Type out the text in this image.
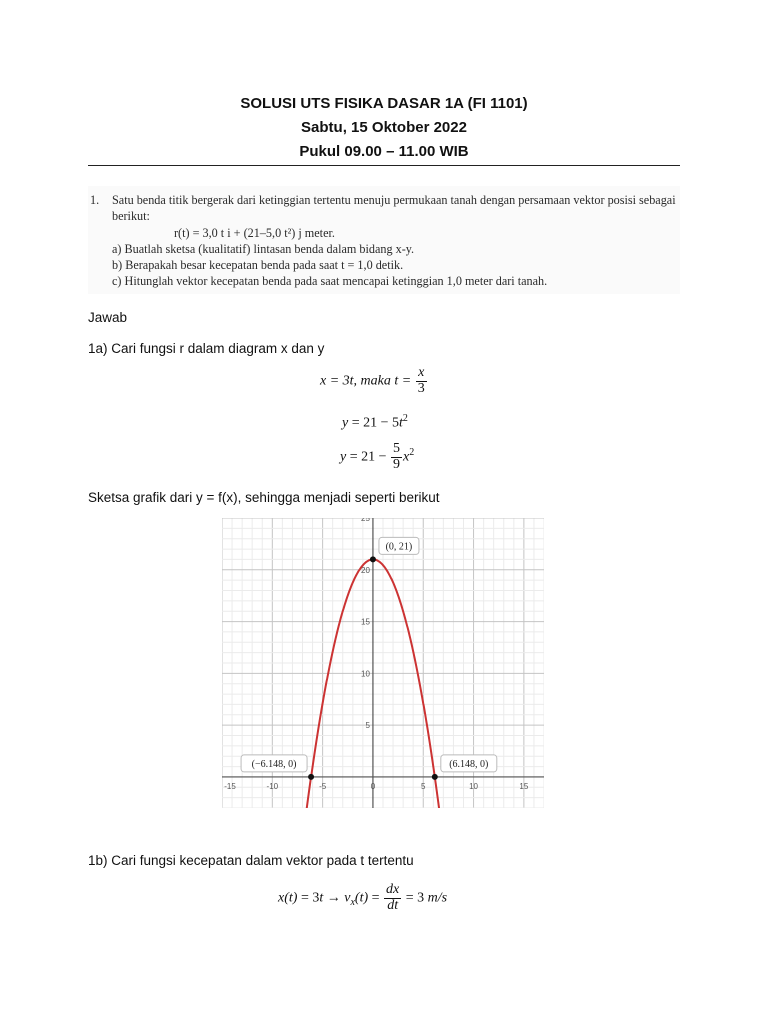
SOLUSI UTS FISIKA DASAR 1A (FI 1101)
Sabtu, 15 Oktober 2022
Pukul 09.00 – 11.00 WIB
1. Satu benda titik bergerak dari ketinggian tertentu menuju permukaan tanah dengan persamaan vektor posisi sebagai
berikut:
r(t) = 3,0 t i + (21–5,0 t²) j meter.
a) Buatlah sketsa (kualitatif) lintasan benda dalam bidang x-y.
b) Berapakah besar kecepatan benda pada saat t = 1,0 detik.
c) Hitunglah vektor kecepatan benda pada saat mencapai ketinggian 1,0 meter dari tanah.
Jawab
1a) Cari fungsi r dalam diagram x dan y
x = 3t, maka $t = \frac{x}{3}$
$y = 21 - 5t^2$
$y = 21 - \frac{5}{9} x^2$
Sketsa grafik dari y = f(x), sehingga menjadi seperti berikut
-15	-10	-5	0	5	10	15
5
10
15
20
25
(0, 21)
(−6.148, 0)	(6.148, 0)
1b) Cari fungsi kecepatan dalam vektor pada t tertentu
$x(t) = 3t \to v_x(t) = \frac{dx}{dt} = 3$ m/s
